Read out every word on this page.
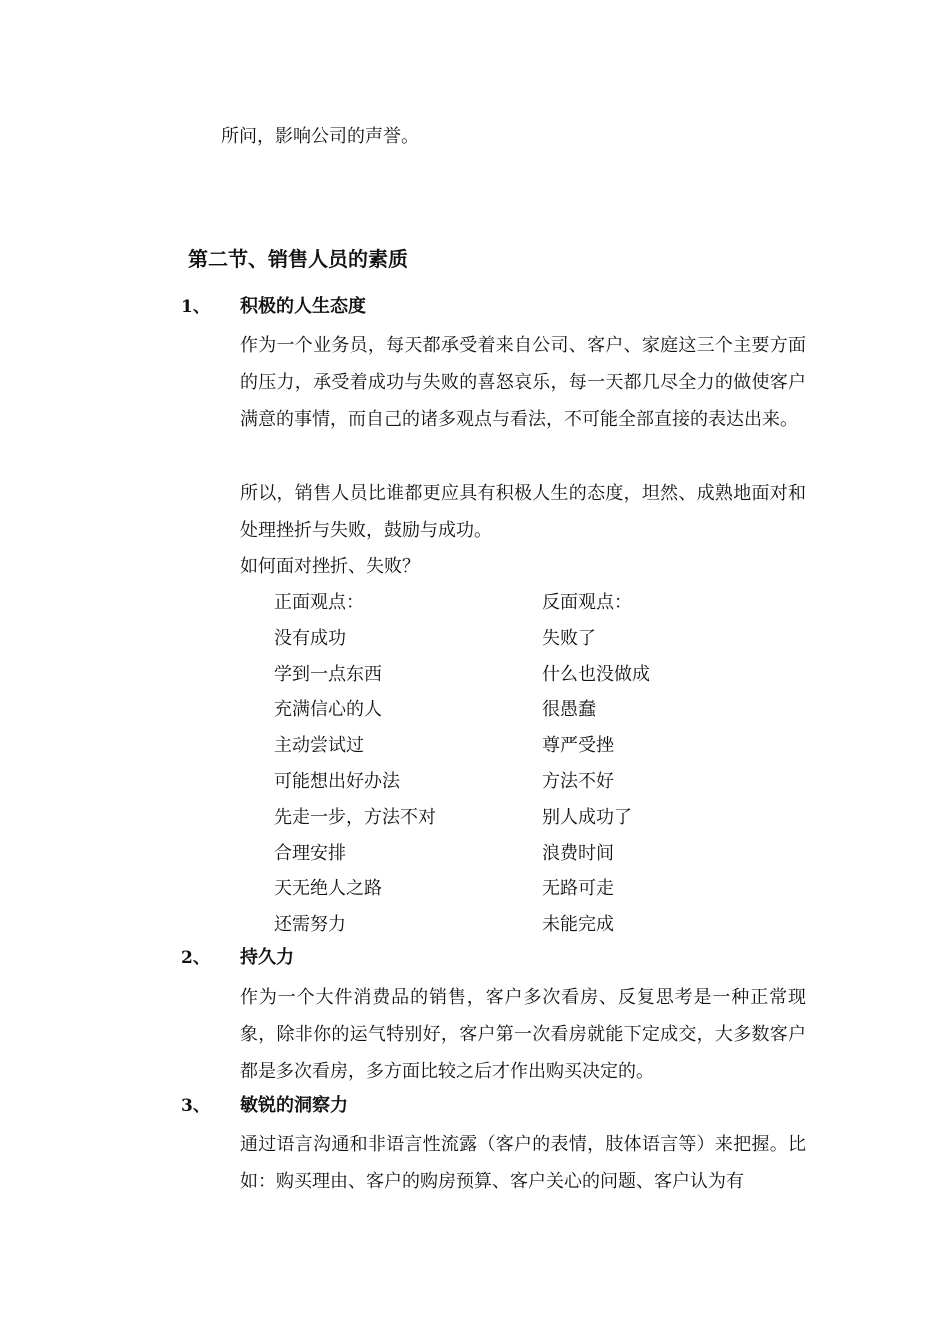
所问，影响公司的声誉。
第二节、销售人员的素质
1、 积极的人生态度
作为一个业务员，每天都承受着来自公司、客户、家庭这三个主要方面的压力，承受着成功与失败的喜怒哀乐，每一天都几尽全力的做使客户满意的事情，而自己的诸多观点与看法，不可能全部直接的表达出来。
所以，销售人员比谁都更应具有积极人生的态度，坦然、成熟地面对和处理挫折与失败，鼓励与成功。
如何面对挫折、失败？
正面观点：	反面观点：
没有成功	失败了
学到一点东西	什么也没做成
充满信心的人	很愚蠢
主动尝试过	尊严受挫
可能想出好办法	方法不好
先走一步，方法不对	别人成功了
合理安排	浪费时间
天无绝人之路	无路可走
还需努力	未能完成
2、 持久力
作为一个大件消费品的销售，客户多次看房、反复思考是一种正常现象，除非你的运气特别好，客户第一次看房就能下定成交，大多数客户都是多次看房，多方面比较之后才作出购买决定的。
3、 敏锐的洞察力
通过语言沟通和非语言性流露（客户的表情，肢体语言等）来把握。比如：购买理由、客户的购房预算、客户关心的问题、客户认为有
